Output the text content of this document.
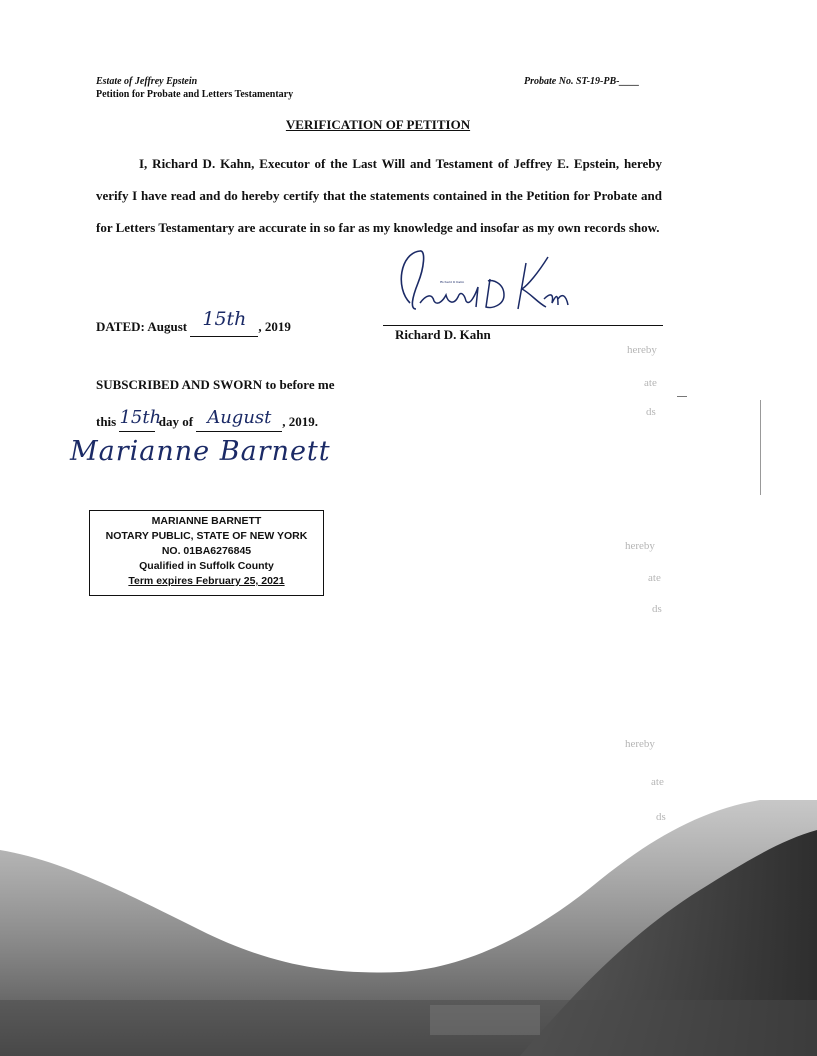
Estate of Jeffrey Epstein
Petition for Probate and Letters Testamentary
Probate No. ST-19-PB-____
VERIFICATION OF PETITION
I, Richard D. Kahn, Executor of the Last Will and Testament of Jeffrey E. Epstein, hereby verify I have read and do hereby certify that the statements contained in the Petition for Probate and for Letters Testamentary are accurate in so far as my knowledge and insofar as my own records show.
DATED: August 15th , 2019
Richard D Kahn
Richard D. Kahn
SUBSCRIBED AND SWORN to before me
this 15th day of August , 2019.
Marianne Barnett
MARIANNE BARNETT
NOTARY PUBLIC, STATE OF NEW YORK
NO. 01BA6276845
Qualified in Suffolk County
Term expires February 25, 2021
hereby
ate
ds
hereby
ate
ds
hereby
ate
ds
